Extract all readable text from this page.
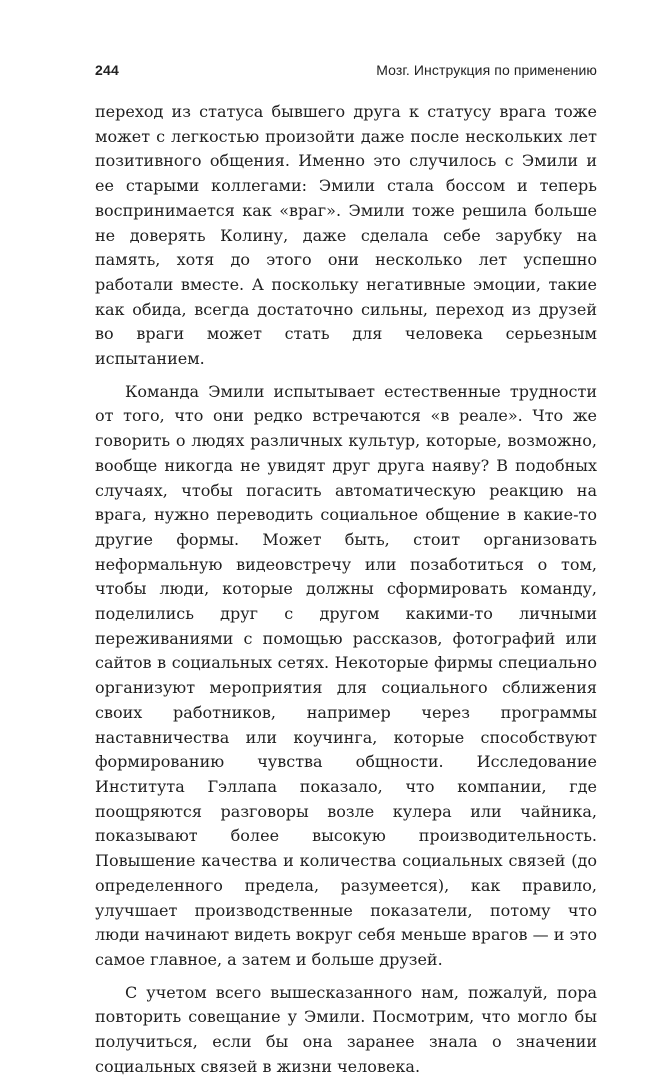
244	Мозг. Инструкция по применению

переход из статуса бывшего друга к статусу врага тоже может с легкостью произойти даже после нескольких лет позитивного общения. Именно это случилось с Эмили и ее старыми коллегами: Эмили стала боссом и теперь воспринимается как «враг». Эмили тоже решила больше не доверять Колину, даже сделала себе зарубку на память, хотя до этого они несколько лет успешно работали вместе. А поскольку негативные эмоции, такие как обида, всегда достаточно сильны, переход из друзей во враги может стать для человека серьезным испытанием.

Команда Эмили испытывает естественные трудности от того, что они редко встречаются «в реале». Что же говорить о людях различных культур, которые, возможно, вообще никогда не увидят друг друга наяву? В подобных случаях, чтобы погасить автоматическую реакцию на врага, нужно переводить социальное общение в какие-то другие формы. Может быть, стоит организовать неформальную видеовстречу или позаботиться о том, чтобы люди, которые должны сформировать команду, поделились друг с другом какими-то личными переживаниями с помощью рассказов, фотографий или сайтов в социальных сетях. Некоторые фирмы специально организуют мероприятия для социального сближения своих работников, например через программы наставничества или коучинга, которые способствуют формированию чувства общности. Исследование Института Гэллапа показало, что компании, где поощряются разговоры возле кулера или чайника, показывают более высокую производительность. Повышение качества и количества социальных связей (до определенного предела, разумеется), как правило, улучшает производственные показатели, потому что люди начинают видеть вокруг себя меньше врагов — и это самое главное, а затем и больше друзей.

С учетом всего вышесказанного нам, пожалуй, пора повторить совещание у Эмили. Посмотрим, что могло бы получиться, если бы она заранее знала о значении социальных связей в жизни человека.
